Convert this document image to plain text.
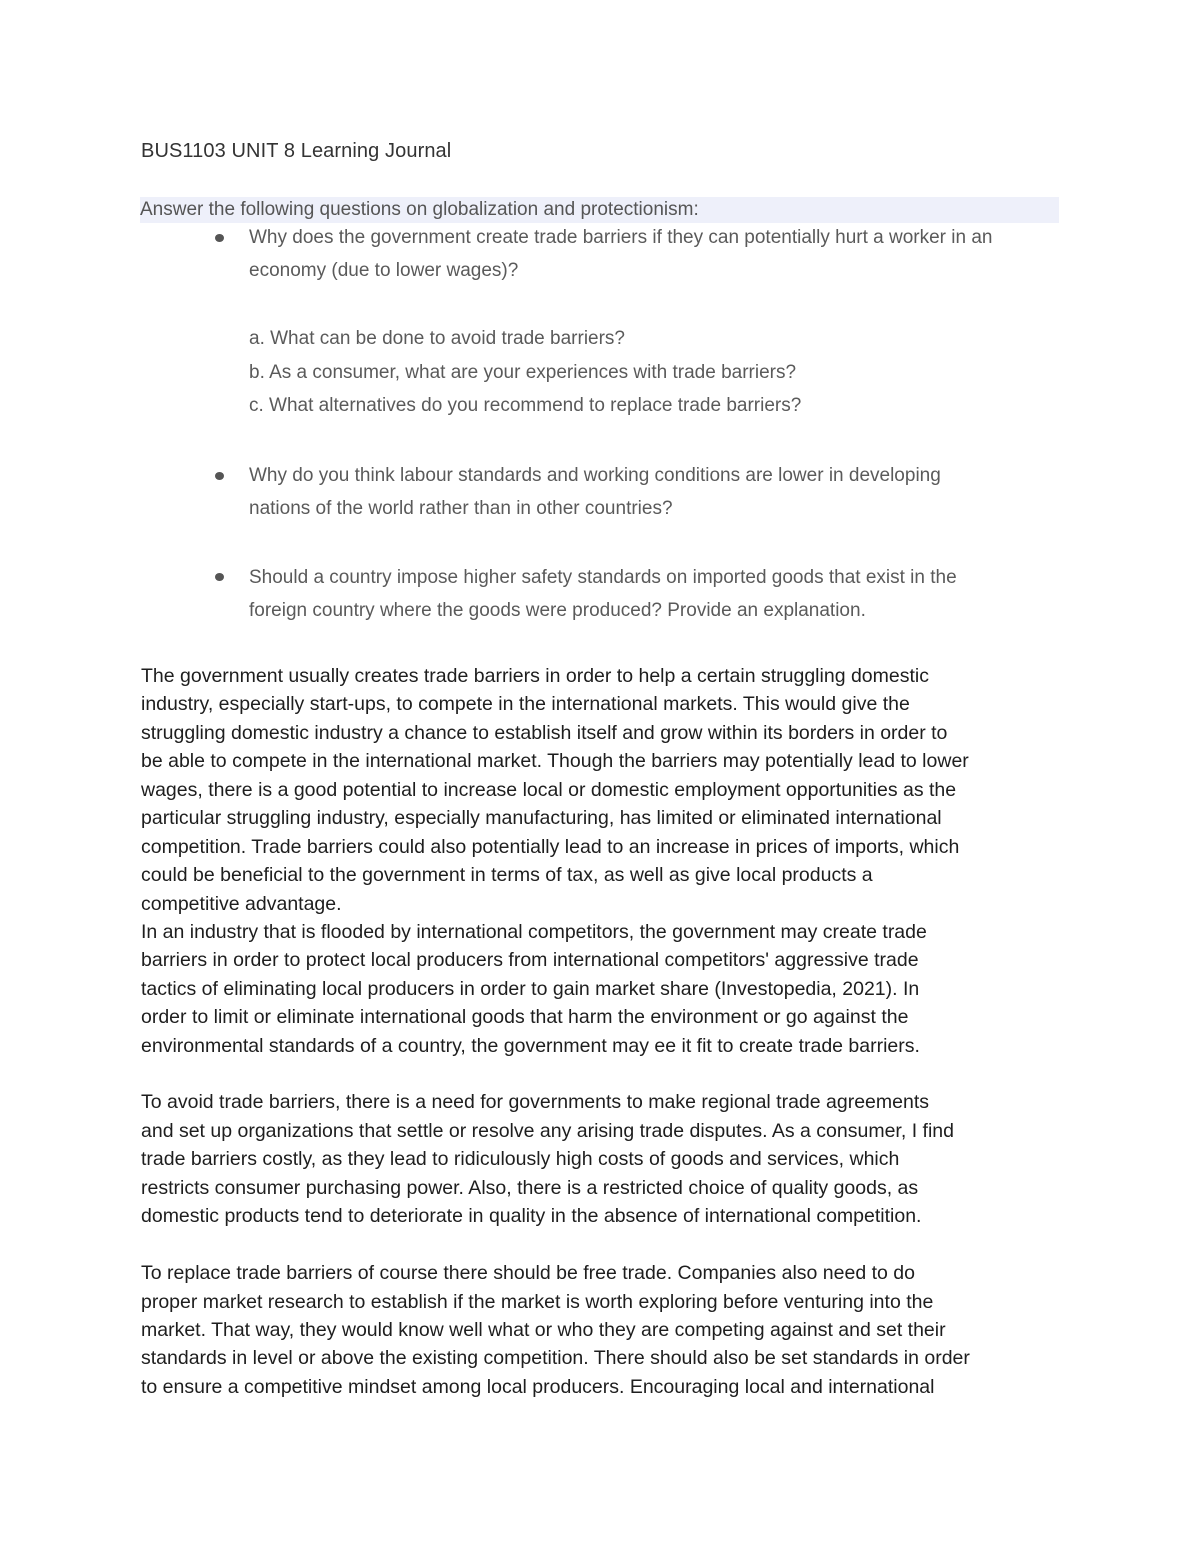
BUS1103 UNIT 8 Learning Journal
Answer the following questions on globalization and protectionism:
Why does the government create trade barriers if they can potentially hurt a worker in an
economy (due to lower wages)?
a. What can be done to avoid trade barriers?
b. As a consumer, what are your experiences with trade barriers?
c. What alternatives do you recommend to replace trade barriers?
Why do you think labour standards and working conditions are lower in developing
nations of the world rather than in other countries?
Should a country impose higher safety standards on imported goods that exist in the
foreign country where the goods were produced? Provide an explanation.
The government usually creates trade barriers in order to help a certain struggling domestic
industry, especially start-ups, to compete in the international markets. This would give the
struggling domestic industry a chance to establish itself and grow within its borders in order to
be able to compete in the international market. Though the barriers may potentially lead to lower
wages, there is a good potential to increase local or domestic employment opportunities as the
particular struggling industry, especially manufacturing, has limited or eliminated international
competition. Trade barriers could also potentially lead to an increase in prices of imports, which
could be beneficial to the government in terms of tax, as well as give local products a
competitive advantage.
In an industry that is flooded by international competitors, the government may create trade
barriers in order to protect local producers from international competitors' aggressive trade
tactics of eliminating local producers in order to gain market share (Investopedia, 2021). In
order to limit or eliminate international goods that harm the environment or go against the
environmental standards of a country, the government may ee it fit to create trade barriers.
To avoid trade barriers, there is a need for governments to make regional trade agreements
and set up organizations that settle or resolve any arising trade disputes. As a consumer, I find
trade barriers costly, as they lead to ridiculously high costs of goods and services, which
restricts consumer purchasing power. Also, there is a restricted choice of quality goods, as
domestic products tend to deteriorate in quality in the absence of international competition.
To replace trade barriers of course there should be free trade. Companies also need to do
proper market research to establish if the market is worth exploring before venturing into the
market. That way, they would know well what or who they are competing against and set their
standards in level or above the existing competition. There should also be set standards in order
to ensure a competitive mindset among local producers. Encouraging local and international
